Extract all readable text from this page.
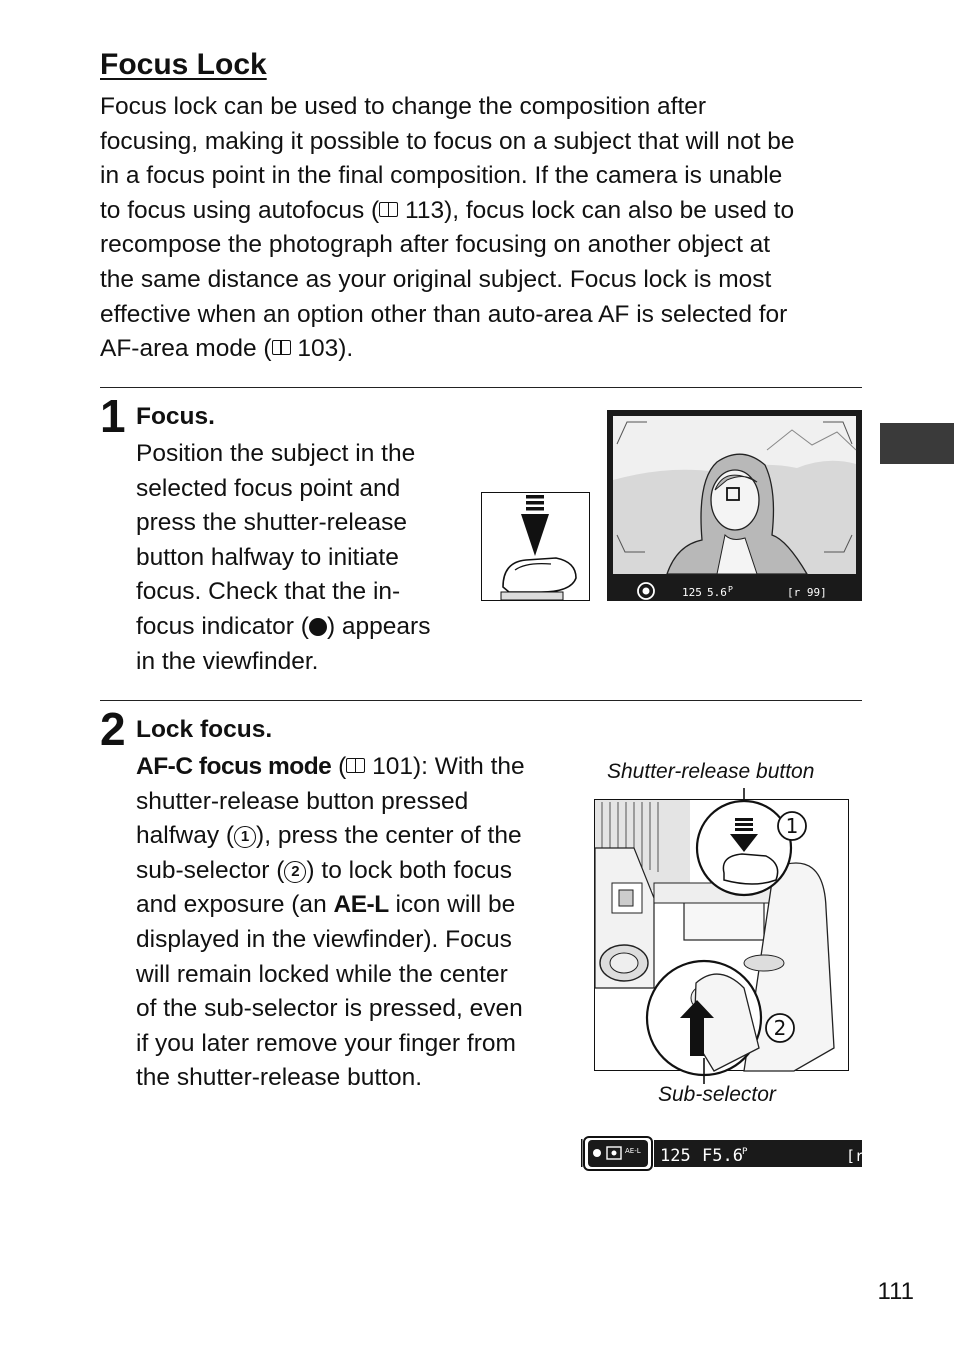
Focus Lock
Focus lock can be used to change the composition after
focusing, making it possible to focus on a subject that will not be
in a focus point in the final composition. If the camera is unable
to focus using autofocus ( 113), focus lock can also be used to
recompose the photograph after focusing on another object at
the same distance as your original subject. Focus lock is most
effective when an option other than auto-area AF is selected for
AF-area mode ( 103).
1 Focus.
Position the subject in the
selected focus point and
press the shutter-release
button halfway to initiate
focus. Check that the in-
focus indicator ( ) appears
in the viewfinder.
125 5.6 P	[r 99]
2 Lock focus.
AF-C focus mode ( 101): With the
shutter-release button pressed
halfway ( 1 ), press the center of the
sub-selector ( 2 ) to lock both focus
and exposure (an AE-L icon will be
displayed in the viewfinder). Focus
will remain locked while the center
of the sub-selector is pressed, even
if you later remove your finger from
the shutter-release button.
Shutter-release button
1
2
Sub-selector
AE-L 125 F5.6 P	[r
111
